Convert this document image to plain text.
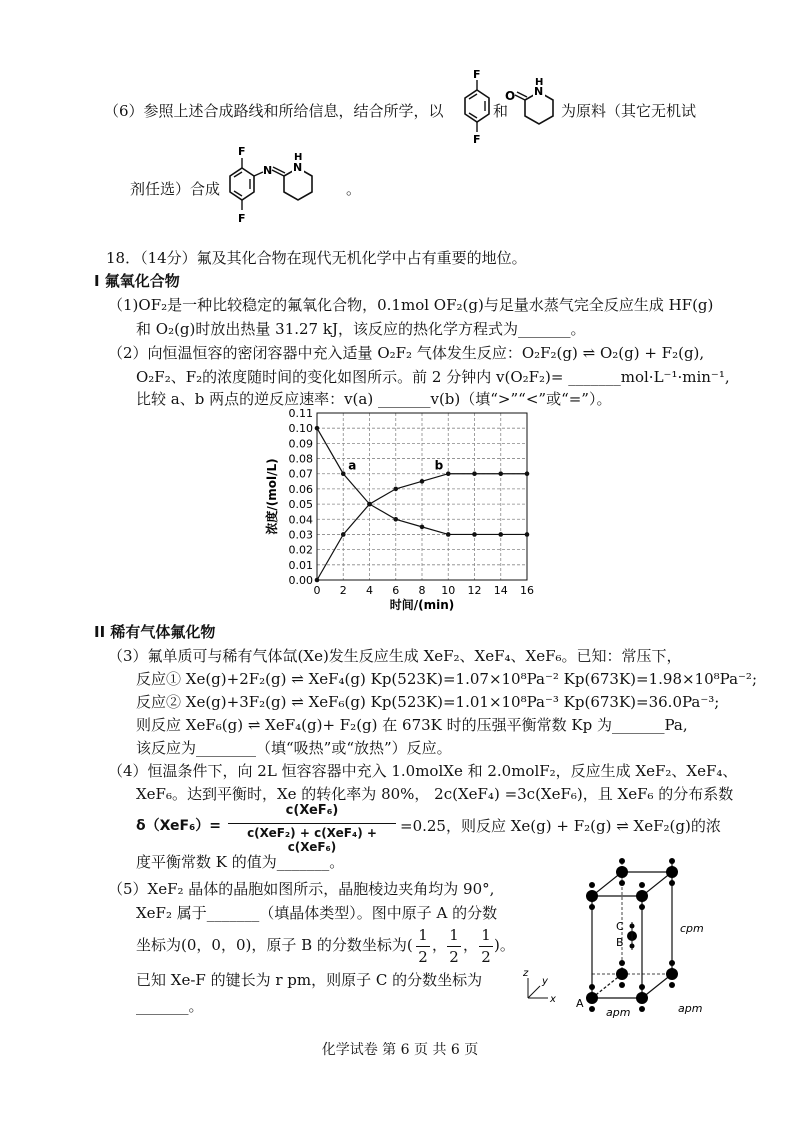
（6）参照上述合成路线和所给信息，结合所学，以
F
F
和
O N
H
为原料（其它无机试
剂任选）合成
F
F
N N
H
。
18．（14分）氟及其化合物在现代无机化学中占有重要的地位。
I 氟氧化合物
（1)OF₂是一种比较稳定的氟氧化合物，0.1mol OF₂(g)与足量水蒸气完全反应生成 HF(g)
和 O₂(g)时放出热量 31.27 kJ，该反应的热化学方程式为_______。
（2）向恒温恒容的密闭容器中充入适量 O₂F₂ 气体发生反应：O₂F₂(g) ⇌ O₂(g) + F₂(g),
O₂F₂、F₂的浓度随时间的变化如图所示。前 2 分钟内 v(O₂F₂)= _______mol·L⁻¹·min⁻¹,
比较 a、b 两点的逆反应速率：v(a) _______v(b)（填“>”“<”或“=”）。
0.00
0.01
0.02
0.03
0.04
0.05
0.06
0.07
0.08
0.09
0.10
0.11
0 2 4 6 8 10 12 14 16
时间/(min)
浓度/(mol/L)	a	b
II 稀有气体氟化物
（3）氟单质可与稀有气体氙(Xe)发生反应生成 XeF₂、XeF₄、XeF₆。已知：常压下，
反应① Xe(g)+2F₂(g) ⇌ XeF₄(g) Kp(523K)=1.07×10⁸Pa⁻² Kp(673K)=1.98×10⁸Pa⁻²;
反应② Xe(g)+3F₂(g) ⇌ XeF₆(g) Kp(523K)=1.01×10⁸Pa⁻³ Kp(673K)=36.0Pa⁻³;
则反应 XeF₆(g) ⇌ XeF₄(g)+ F₂(g) 在 673K 时的压强平衡常数 Kp 为_______Pa,
该反应为________（填“吸热”或“放热”）反应。
（4）恒温条件下，向 2L 恒容容器中充入 1.0molXe 和 2.0molF₂，反应生成 XeF₂、XeF₄、
XeF₆。达到平衡时，Xe 的转化率为 80%， 2c(XeF₄) =3c(XeF₆)，且 XeF₆ 的分布系数
δ（XeF₆）=
c(XeF₆)
c(XeF₂) + c(XeF₄) + c(XeF₆)
=0.25，则反应 Xe(g) + F₂(g) ⇌ XeF₂(g)的浓
度平衡常数 K 的值为_______。
（5）XeF₂ 晶体的晶胞如图所示，晶胞棱边夹角均为 90°,
XeF₂ 属于_______（填晶体类型）。图中原子 A 的分数
坐标为(0，0，0)，原子 B 的分数坐标为(
1
2
，
1
2
，
1
2
)。
已知 Xe-F 的键长为 r pm，则原子 C 的分数坐标为
_______。
C
B
A
cpm
apm	apm
z
y
x
化学试卷 第 6 页 共 6 页
